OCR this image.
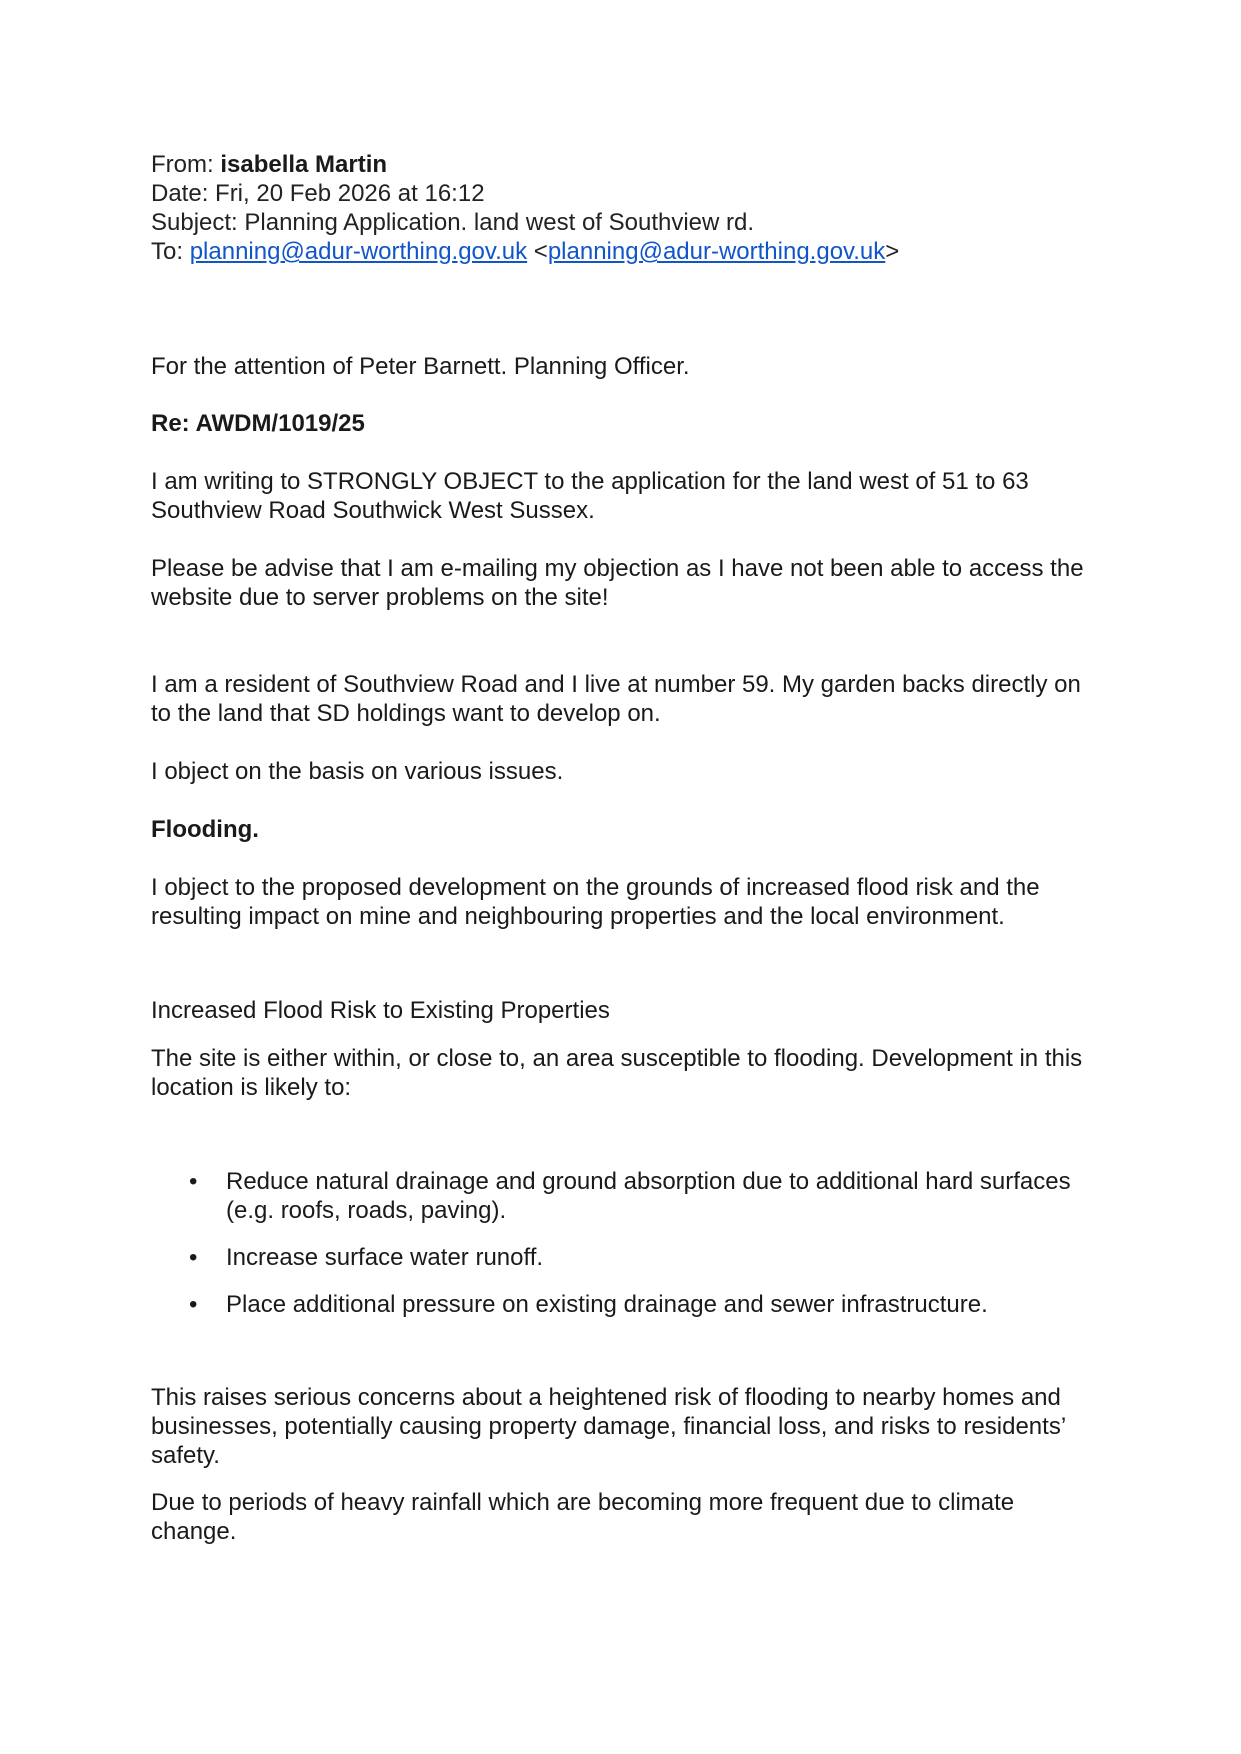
From: isabella Martin
Date: Fri, 20 Feb 2026 at 16:12
Subject: Planning Application. land west of Southview rd.
To: planning@adur-worthing.gov.uk <planning@adur-worthing.gov.uk>

For the attention of Peter Barnett. Planning Officer.

Re: AWDM/1019/25

I am writing to STRONGLY OBJECT to the application for the land west of 51 to 63 Southview Road Southwick West Sussex.

Please be advise that I am e-mailing my objection as I have not been able to access the website due to server problems on the site!

I am a resident of Southview Road and I live at number 59. My garden backs directly on to the land that SD holdings want to develop on.

I object on the basis on various issues.

Flooding.

I object to the proposed development on the grounds of increased flood risk and the resulting impact on mine and neighbouring properties and the local environment.

Increased Flood Risk to Existing Properties

The site is either within, or close to, an area susceptible to flooding. Development in this location is likely to:

• Reduce natural drainage and ground absorption due to additional hard surfaces (e.g. roofs, roads, paving).
• Increase surface water runoff.
• Place additional pressure on existing drainage and sewer infrastructure.

This raises serious concerns about a heightened risk of flooding to nearby homes and businesses, potentially causing property damage, financial loss, and risks to residents’ safety.

Due to periods of heavy rainfall which are becoming more frequent due to climate change.
